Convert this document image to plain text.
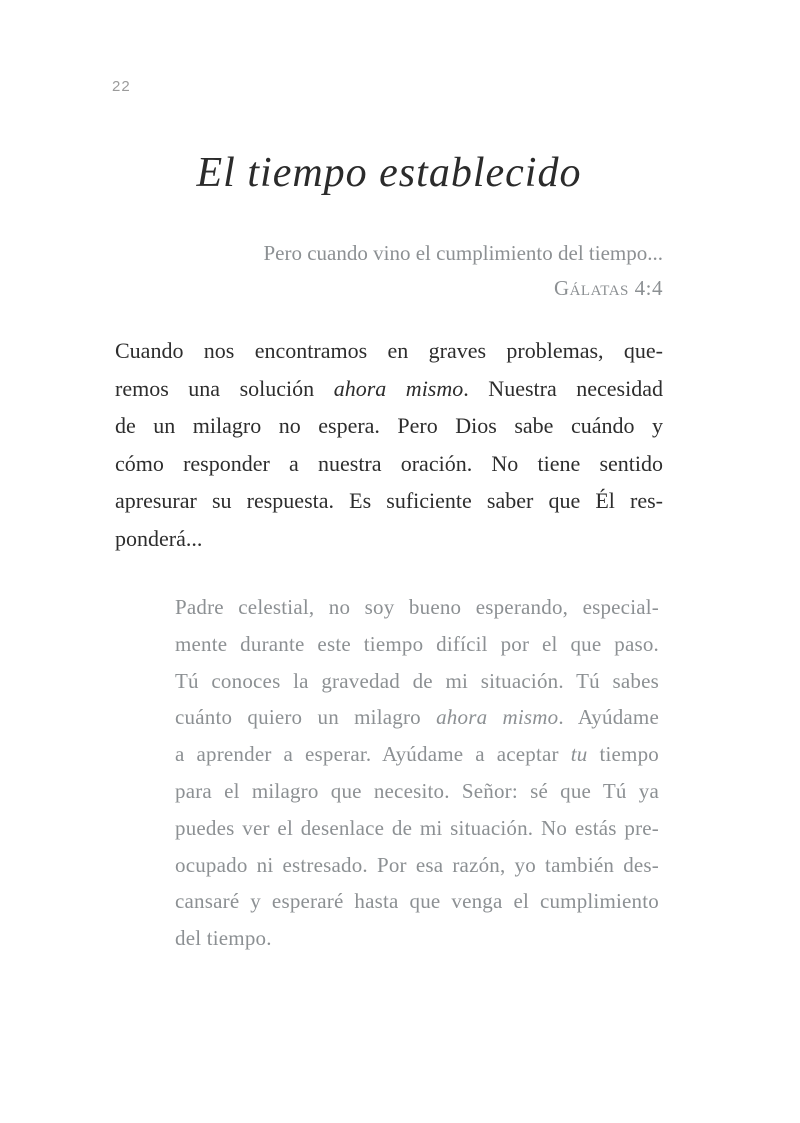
22
El tiempo establecido
Pero cuando vino el cumplimiento del tiempo...
Gálatas 4:4
Cuando nos encontramos en graves problemas, que-
remos una solución ahora mismo. Nuestra necesidad
de un milagro no espera. Pero Dios sabe cuándo y
cómo responder a nuestra oración. No tiene sentido
apresurar su respuesta. Es suficiente saber que Él res-
ponderá...
Padre celestial, no soy bueno esperando, especial-
mente durante este tiempo difícil por el que paso.
Tú conoces la gravedad de mi situación. Tú sabes
cuánto quiero un milagro ahora mismo. Ayúdame
a aprender a esperar. Ayúdame a aceptar tu tiempo
para el milagro que necesito. Señor: sé que Tú ya
puedes ver el desenlace de mi situación. No estás pre-
ocupado ni estresado. Por esa razón, yo también des-
cansaré y esperaré hasta que venga el cumplimiento
del tiempo.
